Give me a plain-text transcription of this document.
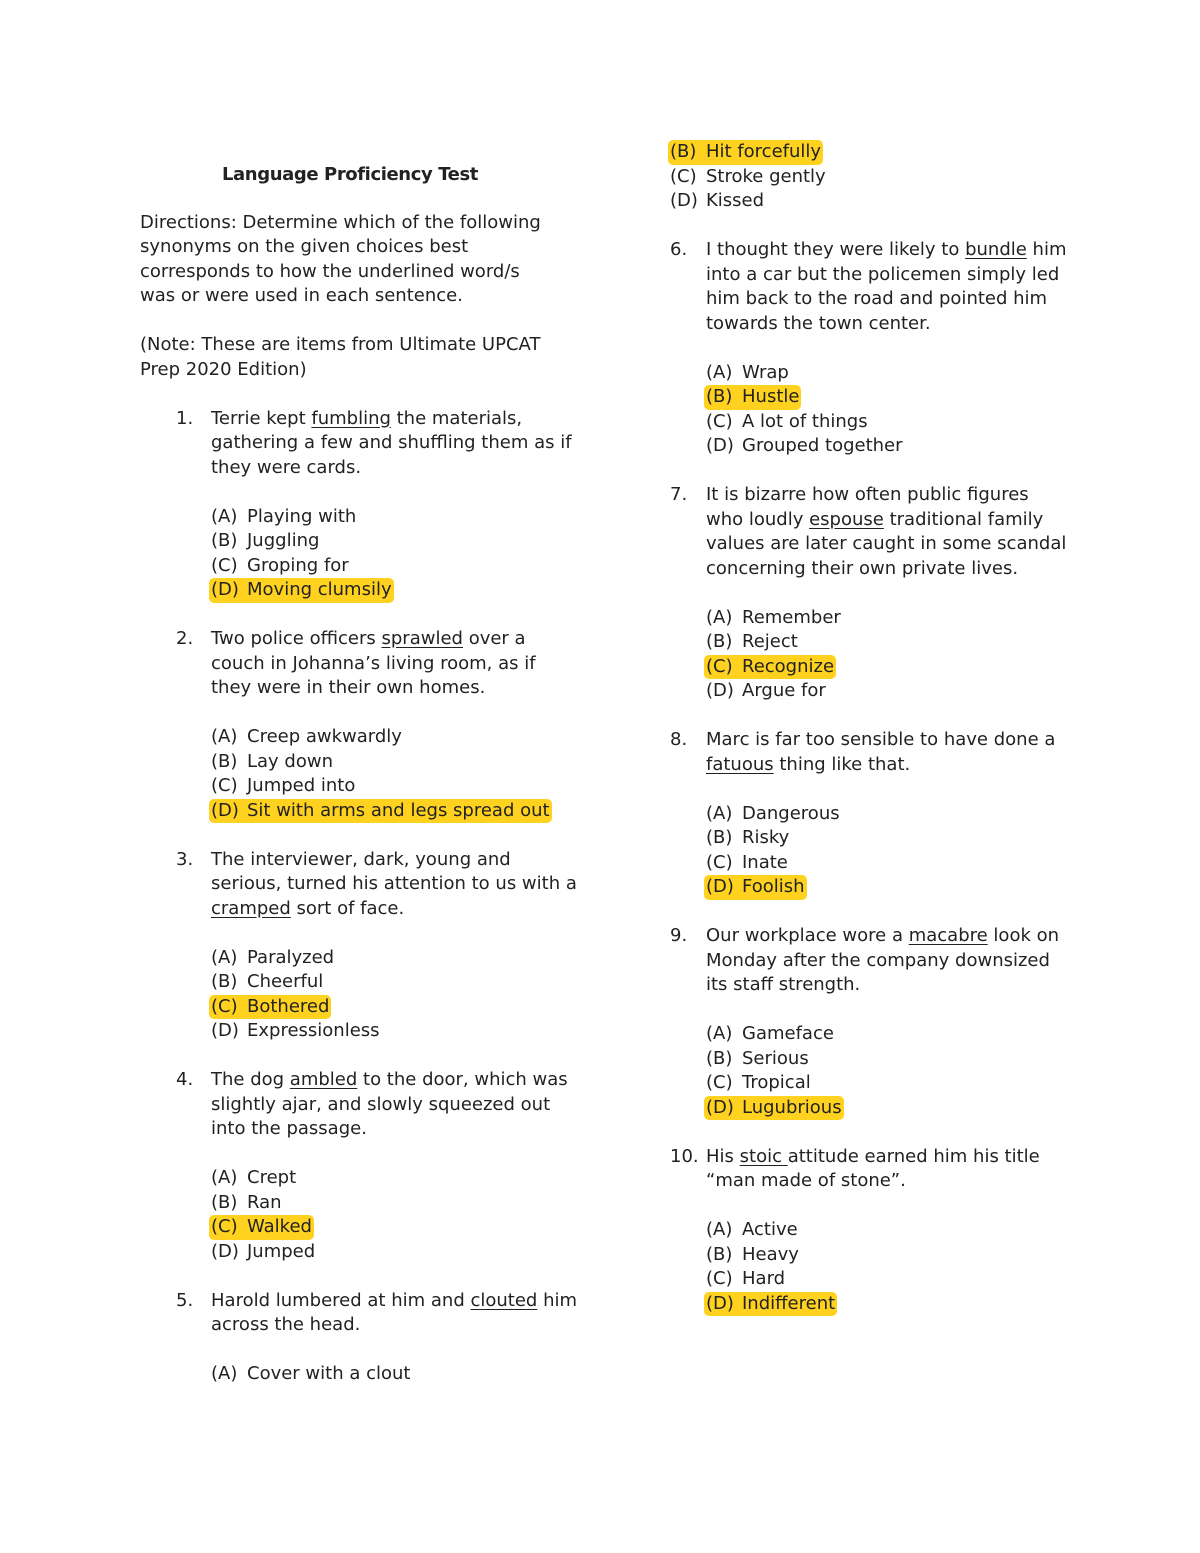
Language Proficiency Test
Directions: Determine which of the following synonyms on the given choices best corresponds to how the underlined word/s was or were used in each sentence.
(Note: These are items from Ultimate UPCAT Prep 2020 Edition)
1. Terrie kept fumbling the materials, gathering a few and shuffling them as if they were cards.
(A) Playing with
(B) Juggling
(C) Groping for
(D) Moving clumsily
2. Two police officers sprawled over a couch in Johanna’s living room, as if they were in their own homes.
(A) Creep awkwardly
(B) Lay down
(C) Jumped into
(D) Sit with arms and legs spread out
3. The interviewer, dark, young and serious, turned his attention to us with a cramped sort of face.
(A) Paralyzed
(B) Cheerful
(C) Bothered
(D) Expressionless
4. The dog ambled to the door, which was slightly ajar, and slowly squeezed out into the passage.
(A) Crept
(B) Ran
(C) Walked
(D) Jumped
5. Harold lumbered at him and clouted him across the head.
(A) Cover with a clout
(B) Hit forcefully
(C) Stroke gently
(D) Kissed
6. I thought they were likely to bundle him into a car but the policemen simply led him back to the road and pointed him towards the town center.
(A) Wrap
(B) Hustle
(C) A lot of things
(D) Grouped together
7. It is bizarre how often public figures who loudly espouse traditional family values are later caught in some scandal concerning their own private lives.
(A) Remember
(B) Reject
(C) Recognize
(D) Argue for
8. Marc is far too sensible to have done a fatuous thing like that.
(A) Dangerous
(B) Risky
(C) Inate
(D) Foolish
9. Our workplace wore a macabre look on Monday after the company downsized its staff strength.
(A) Gameface
(B) Serious
(C) Tropical
(D) Lugubrious
10. His stoic attitude earned him his title “man made of stone”.
(A) Active
(B) Heavy
(C) Hard
(D) Indifferent
